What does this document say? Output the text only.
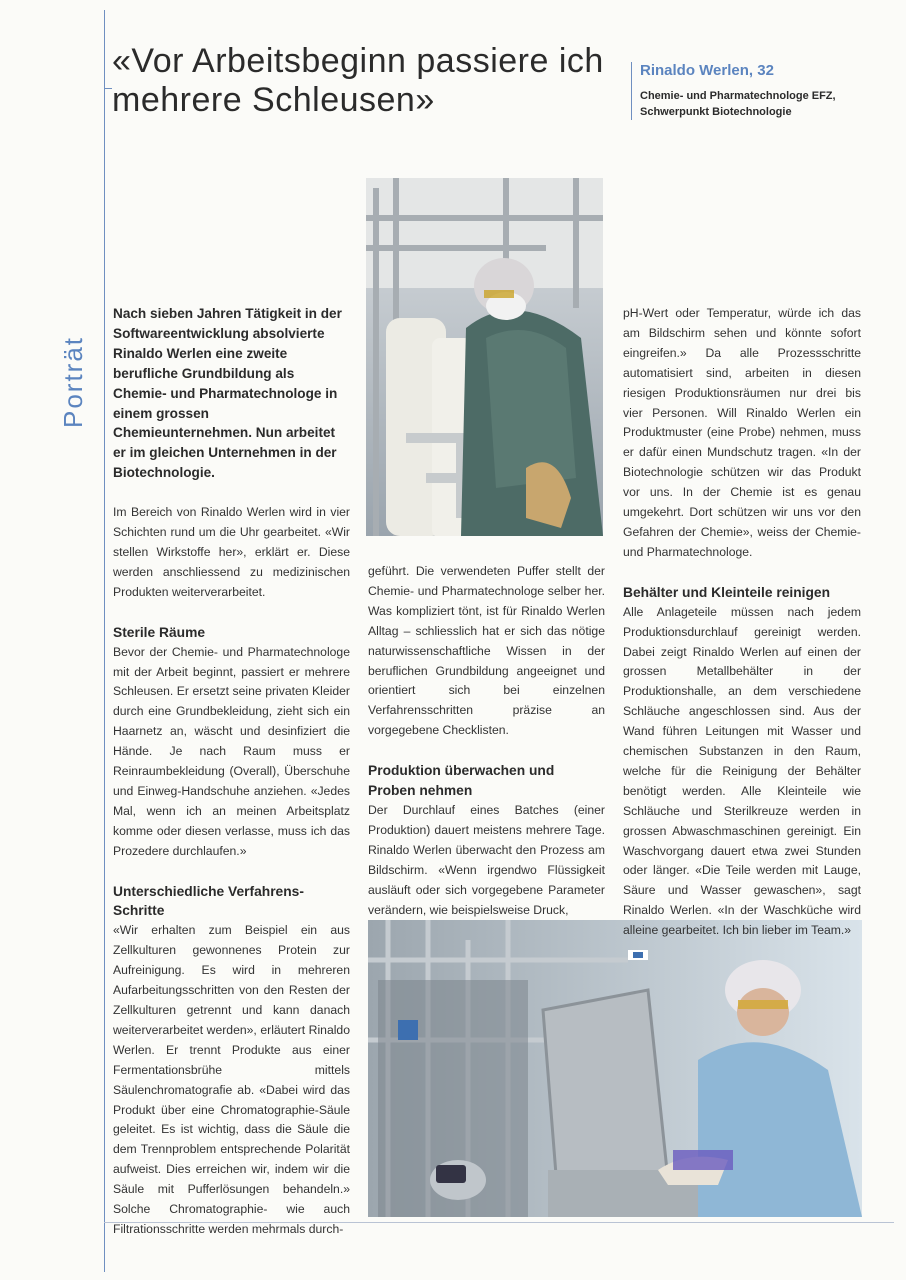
Porträt
«Vor Arbeitsbeginn passiere ich mehrere Schleusen»
Rinaldo Werlen, 32
Chemie- und Pharmatechnologe EFZ, Schwerpunkt Biotechnologie

Nach sieben Jahren Tätigkeit in der Softwareentwicklung absolvierte Rinaldo Werlen eine zweite berufliche Grundbildung als Chemie- und Pharmatechnologe in einem grossen Chemieunternehmen. Nun arbeitet er im gleichen Unternehmen in der Biotechnologie.

Im Bereich von Rinaldo Werlen wird in vier Schichten rund um die Uhr gearbeitet. «Wir stellen Wirkstoffe her», erklärt er. Diese werden anschliessend zu medizinischen Produkten weiterverarbeitet.

Sterile Räume

Bevor der Chemie- und Pharmatechnologe mit der Arbeit beginnt, passiert er mehrere Schleusen. Er ersetzt seine privaten Kleider durch eine Grundbekleidung, zieht sich ein Haarnetz an, wäscht und desinfiziert die Hände. Je nach Raum muss er Reinraumbekleidung (Overall), Überschuhe und Einweg-Handschuhe anziehen. «Jedes Mal, wenn ich an meinen Arbeitsplatz komme oder diesen verlasse, muss ich das Prozedere durchlaufen.»

Unterschiedliche Verfahrens-Schritte

«Wir erhalten zum Beispiel ein aus Zellkulturen gewonnenes Protein zur Aufreinigung. Es wird in mehreren Aufarbeitungsschritten von den Resten der Zellkulturen getrennt und kann danach weiterverarbeitet werden», erläutert Rinaldo Werlen. Er trennt Produkte aus einer Fermentationsbrühe mittels Säulenchromatografie ab. «Dabei wird das Produkt über eine Chromatographie-Säule geleitet. Es ist wichtig, dass die Säule die dem Trennproblem entsprechende Polarität aufweist. Dies erreichen wir, indem wir die Säule mit Pufferlösungen behandeln.» Solche Chromatographie- wie auch Filtrationsschritte werden mehrmals durch-

geführt. Die verwendeten Puffer stellt der Chemie- und Pharmatechnologe selber her. Was kompliziert tönt, ist für Rinaldo Werlen Alltag – schliesslich hat er sich das nötige naturwissenschaftliche Wissen in der beruflichen Grundbildung angeeignet und orientiert sich bei einzelnen Verfahrensschritten präzise an vorgegebene Checklisten.

Produktion überwachen und Proben nehmen

Der Durchlauf eines Batches (einer Produktion) dauert meistens mehrere Tage. Rinaldo Werlen überwacht den Prozess am Bildschirm. «Wenn irgendwo Flüssigkeit ausläuft oder sich vorgegebene Parameter verändern, wie beispielsweise Druck,

pH-Wert oder Temperatur, würde ich das am Bildschirm sehen und könnte sofort eingreifen.» Da alle Prozessschritte automatisiert sind, arbeiten in diesen riesigen Produktionsräumen nur drei bis vier Personen. Will Rinaldo Werlen ein Produktmuster (eine Probe) nehmen, muss er dafür einen Mundschutz tragen. «In der Biotechnologie schützen wir das Produkt vor uns. In der Chemie ist es genau umgekehrt. Dort schützen wir uns vor den Gefahren der Chemie», weiss der Chemie- und Pharmatechnologe.

Behälter und Kleinteile reinigen

Alle Anlageteile müssen nach jedem Produktionsdurchlauf gereinigt werden. Dabei zeigt Rinaldo Werlen auf einen der grossen Metallbehälter in der Produktionshalle, an dem verschiedene Schläuche angeschlossen sind. Aus der Wand führen Leitungen mit Wasser und chemischen Substanzen in den Raum, welche für die Reinigung der Behälter benötigt werden. Alle Kleinteile wie Schläuche und Sterilkreuze werden in grossen Abwaschmaschinen gereinigt. Ein Waschvorgang dauert etwa zwei Stunden oder länger. «Die Teile werden mit Lauge, Säure und Wasser gewaschen», sagt Rinaldo Werlen. «In der Waschküche wird alleine gearbeitet. Ich bin lieber im Team.»
